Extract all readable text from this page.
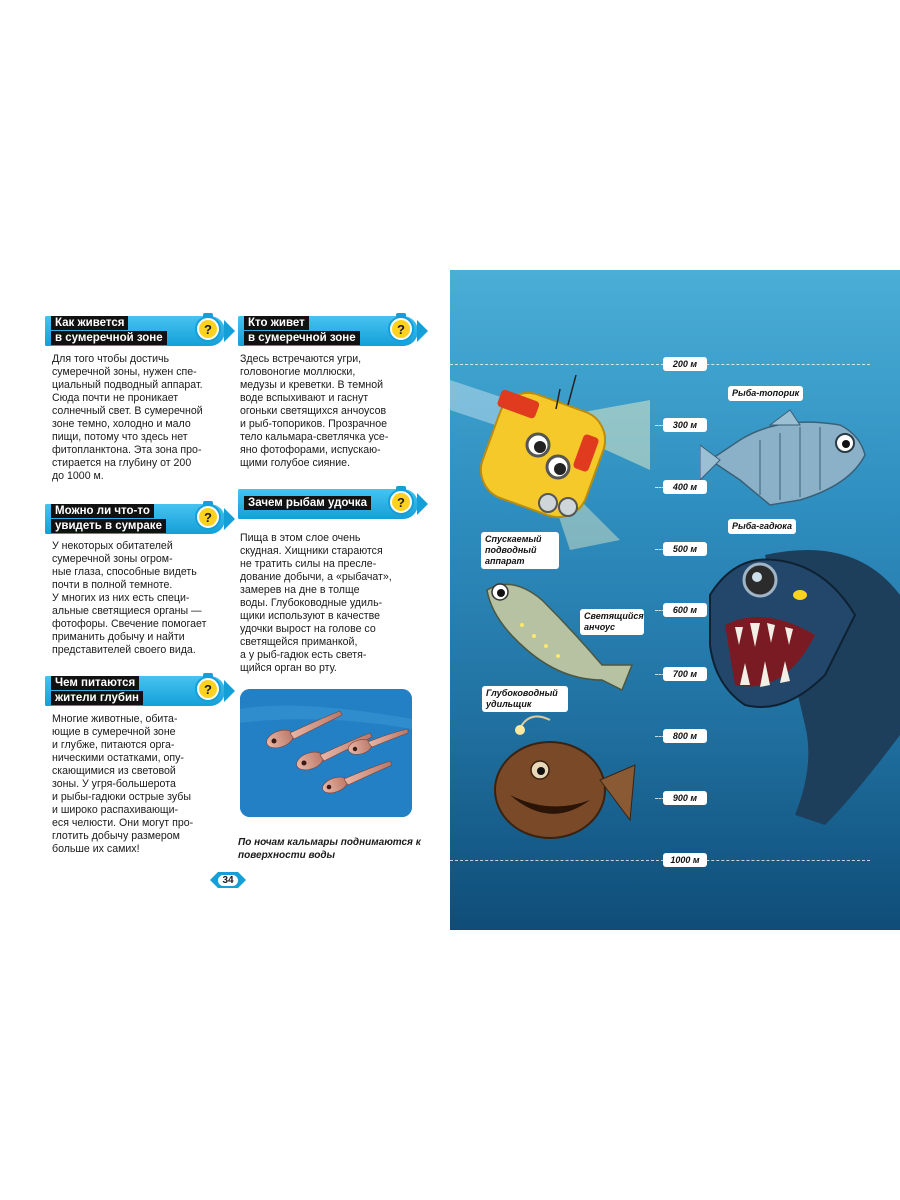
Как живется
в сумеречной зоне
?

Для того чтобы достичь
сумеречной зоны, нужен спе-
циальный подводный аппарат.
Сюда почти не проникает
солнечный свет. В сумеречной
зоне темно, холодно и мало
пищи, потому что здесь нет
фитопланктона. Эта зона про-
стирается на глубину от 200
до 1000 м.

Можно ли что-то
увидеть в сумраке
?

У некоторых обитателей
сумеречной зоны огром-
ные глаза, способные видеть
почти в полной темноте.
У многих из них есть специ-
альные светящиеся органы —
фотофоры. Свечение помогает
приманить добычу и найти
представителей своего вида.

Чем питаются
жители глубин
?

Многие животные, обита-
ющие в сумеречной зоне
и глубже, питаются орга-
ническими остатками, опу-
скающимися из световой
зоны. У угря-большерота
и рыбы-гадюки острые зубы
и широко распахивающи-
еся челюсти. Они могут про-
глотить добычу размером
больше их самих!

Кто живет
в сумеречной зоне
?

Здесь встречаются угри,
головоногие моллюски,
медузы и креветки. В темной
воде вспыхивают и гаснут
огоньки светящихся анчоусов
и рыб-топориков. Прозрачное
тело кальмара-светлячка усе-
яно фотофорами, испускаю-
щими голубое сияние.

Зачем рыбам удочка	?

Пища в этом слое очень
скудная. Хищники стараются
не тратить силы на пресле-
дование добычи, а «рыбачат»,
замерев на дне в толще
воды. Глубоководные удиль-
щики используют в качестве
удочки вырост на голове со
светящейся приманкой,
а у рыб-гадюк есть светя-
щийся орган во рту.

По ночам кальмары поднимаются к поверхности воды
34
200 м
300 м
400 м
500 м
600 м
700 м
800 м
900 м
1000 м
Рыба-топорик
Рыба-гадюка
Спускаемый подводный аппарат
Светящийся анчоус
Глубоководный удильщик
